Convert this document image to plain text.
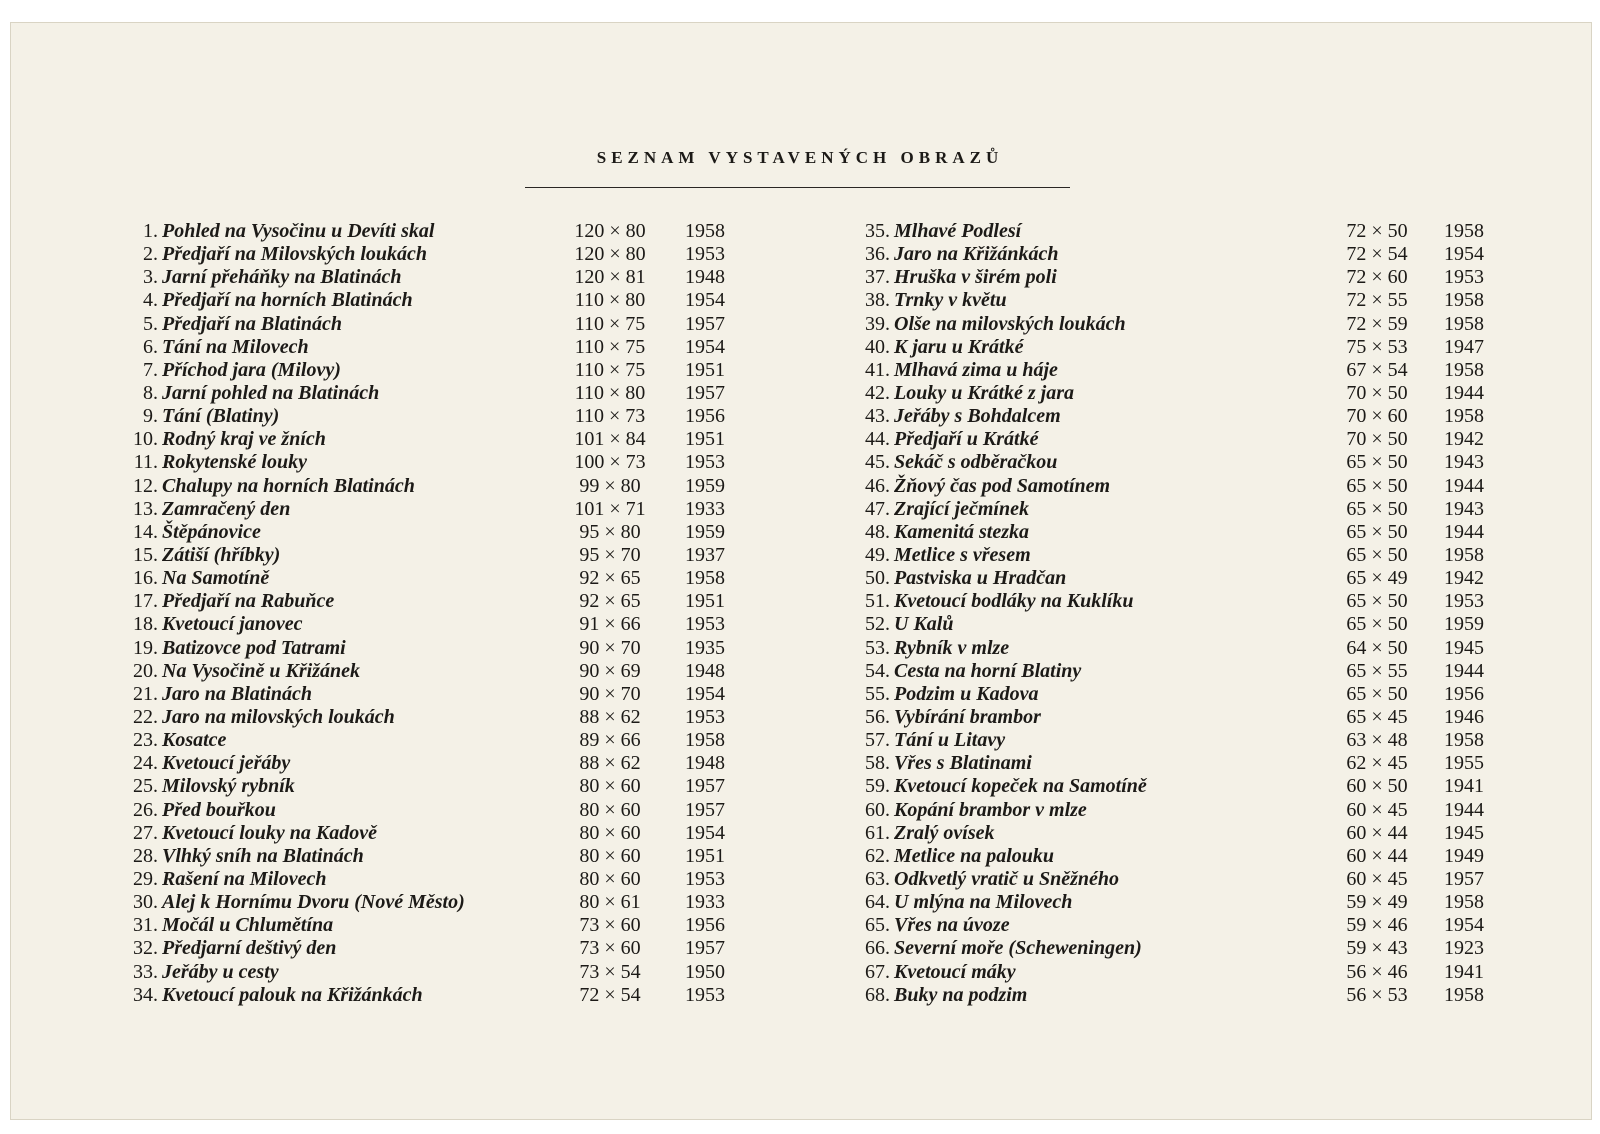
SEZNAM VYSTAVENÝCH OBRAZŮ
1. Pohled na Vysočinu u Devíti skal	120 × 80	1958
2. Předjaří na Milovských loukách	120 × 80	1953
3. Jarní přeháňky na Blatinách	120 × 81	1948
4. Předjaří na horních Blatinách	110 × 80	1954
5. Předjaří na Blatinách	110 × 75	1957
6. Tání na Milovech	110 × 75	1954
7. Příchod jara (Milovy)	110 × 75	1951
8. Jarní pohled na Blatinách	110 × 80	1957
9. Tání (Blatiny)	110 × 73	1956
10. Rodný kraj ve žních	101 × 84	1951
11. Rokytenské louky	100 × 73	1953
12. Chalupy na horních Blatinách	99 × 80	1959
13. Zamračený den	101 × 71	1933
14. Štěpánovice	95 × 80	1959
15. Zátiší (hříbky)	95 × 70	1937
16. Na Samotíně	92 × 65	1958
17. Předjaří na Rabuňce	92 × 65	1951
18. Kvetoucí janovec	91 × 66	1953
19. Batizovce pod Tatrami	90 × 70	1935
20. Na Vysočině u Křižánek	90 × 69	1948
21. Jaro na Blatinách	90 × 70	1954
22. Jaro na milovských loukách	88 × 62	1953
23. Kosatce	89 × 66	1958
24. Kvetoucí jeřáby	88 × 62	1948
25. Milovský rybník	80 × 60	1957
26. Před bouřkou	80 × 60	1957
27. Kvetoucí louky na Kadově	80 × 60	1954
28. Vlhký sníh na Blatinách	80 × 60	1951
29. Rašení na Milovech	80 × 60	1953
30. Alej k Hornímu Dvoru (Nové Město)	80 × 61	1933
31. Močál u Chlumětína	73 × 60	1956
32. Předjarní deštivý den	73 × 60	1957
33. Jeřáby u cesty	73 × 54	1950
34. Kvetoucí palouk na Křižánkách	72 × 54	1953
35. Mlhavé Podlesí	72 × 50	1958
36. Jaro na Křižánkách	72 × 54	1954
37. Hruška v širém poli	72 × 60	1953
38. Trnky v květu	72 × 55	1958
39. Olše na milovských loukách	72 × 59	1958
40. K jaru u Krátké	75 × 53	1947
41. Mlhavá zima u háje	67 × 54	1958
42. Louky u Krátké z jara	70 × 50	1944
43. Jeřáby s Bohdalcem	70 × 60	1958
44. Předjaří u Krátké	70 × 50	1942
45. Sekáč s odběračkou	65 × 50	1943
46. Žňový čas pod Samotínem	65 × 50	1944
47. Zrající ječmínek	65 × 50	1943
48. Kamenitá stezka	65 × 50	1944
49. Metlice s vřesem	65 × 50	1958
50. Pastviska u Hradčan	65 × 49	1942
51. Kvetoucí bodláky na Kuklíku	65 × 50	1953
52. U Kalů	65 × 50	1959
53. Rybník v mlze	64 × 50	1945
54. Cesta na horní Blatiny	65 × 55	1944
55. Podzim u Kadova	65 × 50	1956
56. Vybírání brambor	65 × 45	1946
57. Tání u Litavy	63 × 48	1958
58. Vřes s Blatinami	62 × 45	1955
59. Kvetoucí kopeček na Samotíně	60 × 50	1941
60. Kopání brambor v mlze	60 × 45	1944
61. Zralý ovísek	60 × 44	1945
62. Metlice na palouku	60 × 44	1949
63. Odkvetlý vratič u Sněžného	60 × 45	1957
64. U mlýna na Milovech	59 × 49	1958
65. Vřes na úvoze	59 × 46	1954
66. Severní moře (Scheweningen)	59 × 43	1923
67. Kvetoucí máky	56 × 46	1941
68. Buky na podzim	56 × 53	1958
